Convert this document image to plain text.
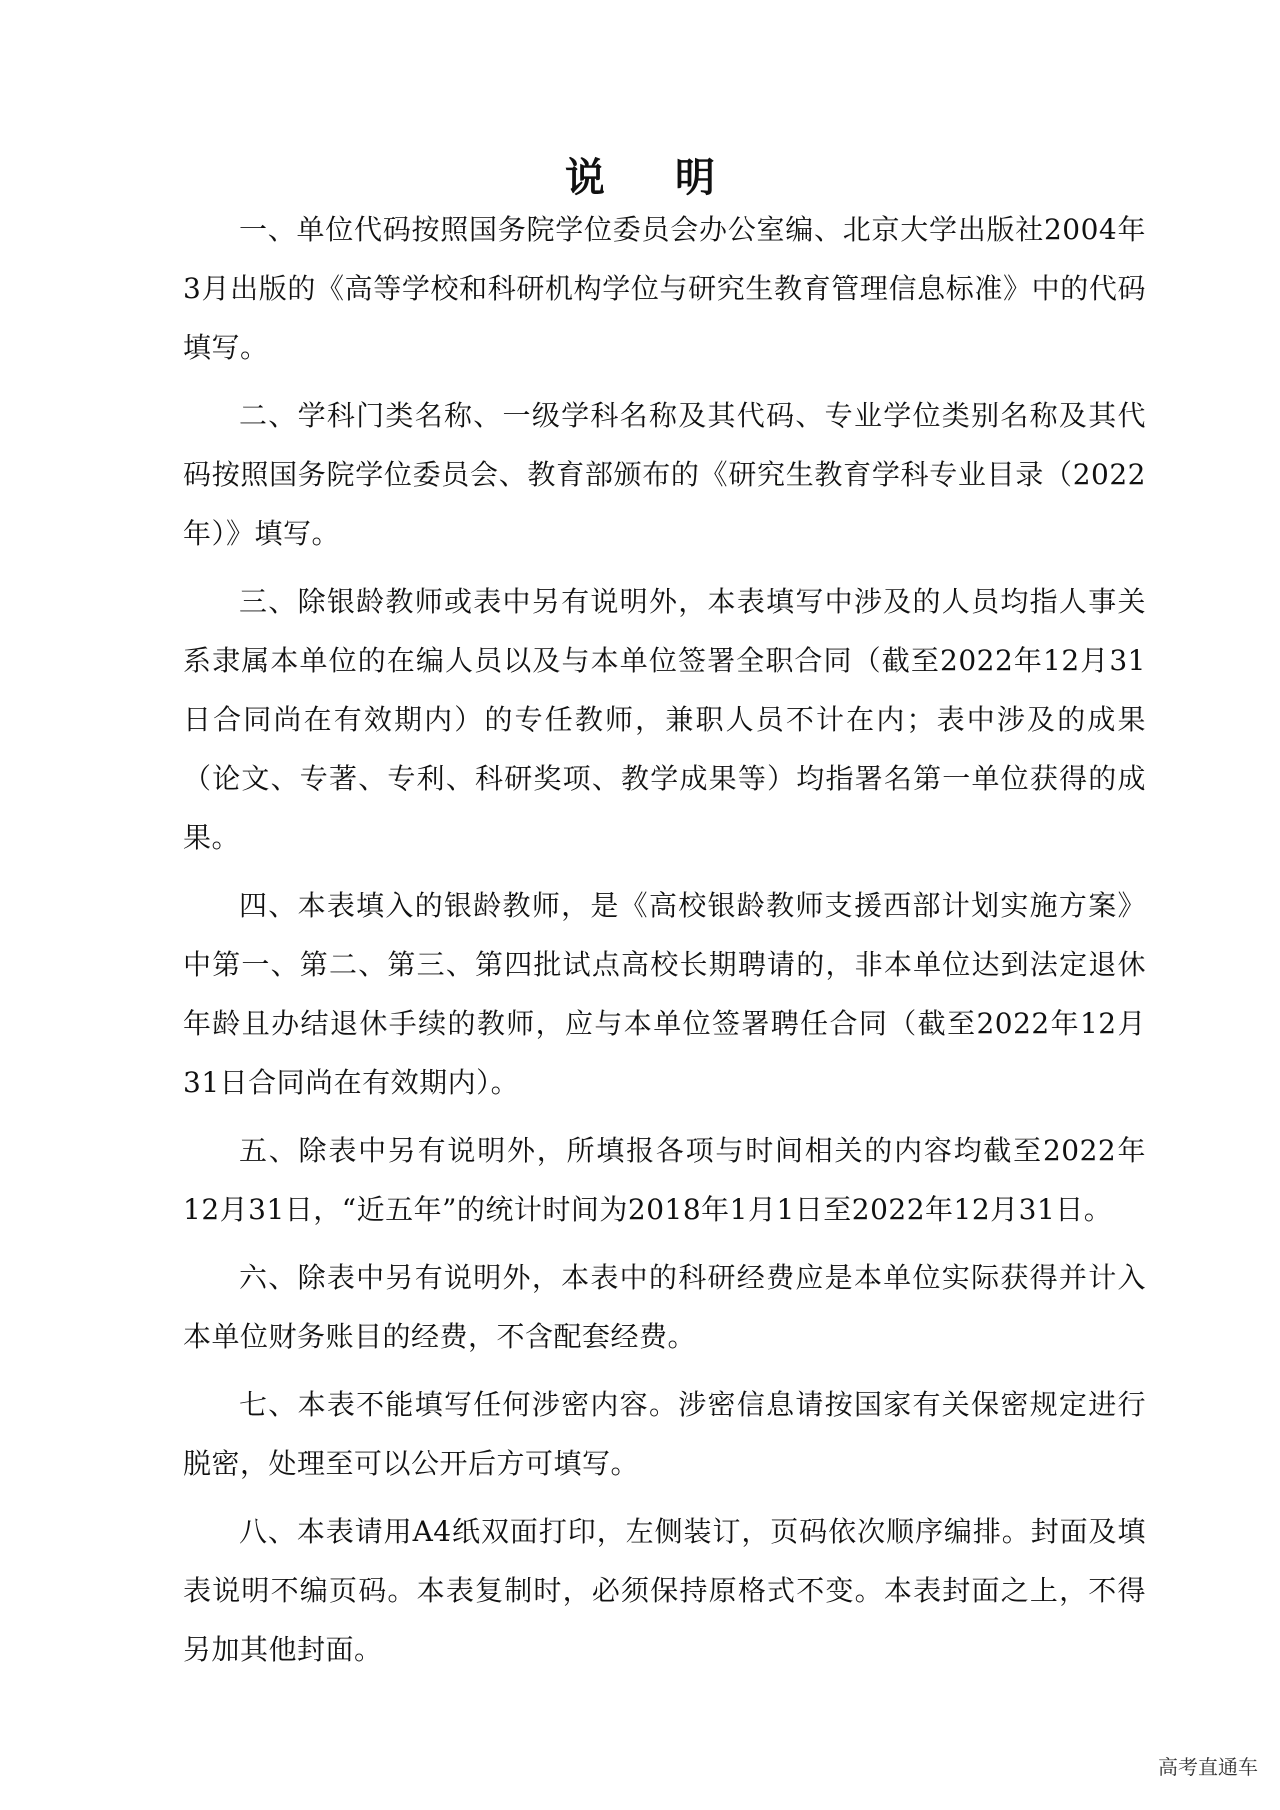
说 明

一、单位代码按照国务院学位委员会办公室编、北京大学出版社2004年3月出版的《高等学校和科研机构学位与研究生教育管理信息标准》中的代码填写。

二、学科门类名称、一级学科名称及其代码、专业学位类别名称及其代码按照国务院学位委员会、教育部颁布的《研究生教育学科专业目录（2022年）》填写。

三、除银龄教师或表中另有说明外，本表填写中涉及的人员均指人事关系隶属本单位的在编人员以及与本单位签署全职合同（截至2022年12月31日合同尚在有效期内）的专任教师，兼职人员不计在内；表中涉及的成果（论文、专著、专利、科研奖项、教学成果等）均指署名第一单位获得的成果。

四、本表填入的银龄教师，是《高校银龄教师支援西部计划实施方案》中第一、第二、第三、第四批试点高校长期聘请的，非本单位达到法定退休年龄且办结退休手续的教师，应与本单位签署聘任合同（截至2022年12月31日合同尚在有效期内）。

五、除表中另有说明外，所填报各项与时间相关的内容均截至2022年12月31日，“近五年”的统计时间为2018年1月1日至2022年12月31日。

六、除表中另有说明外，本表中的科研经费应是本单位实际获得并计入本单位财务账目的经费，不含配套经费。

七、本表不能填写任何涉密内容。涉密信息请按国家有关保密规定进行脱密，处理至可以公开后方可填写。

八、本表请用A4纸双面打印，左侧装订，页码依次顺序编排。封面及填表说明不编页码。本表复制时，必须保持原格式不变。本表封面之上，不得另加其他封面。

高考直通车
